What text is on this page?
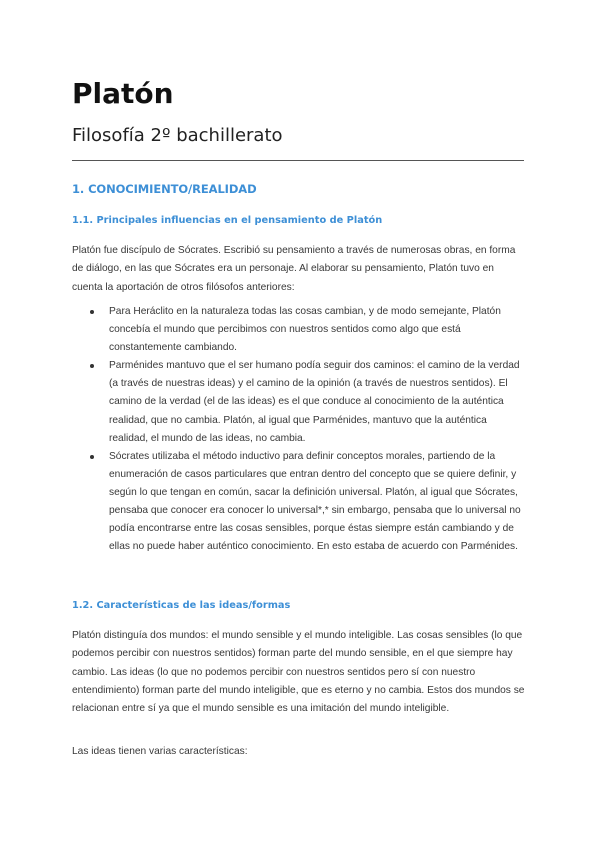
Platón
Filosofía 2º bachillerato
1. CONOCIMIENTO/REALIDAD
1.1. Principales influencias en el pensamiento de Platón

Platón fue discípulo de Sócrates. Escribió su pensamiento a través de numerosas obras, en forma de diálogo, en las que Sócrates era un personaje. Al elaborar su pensamiento, Platón tuvo en cuenta la aportación de otros filósofos anteriores:

Para Heráclito en la naturaleza todas las cosas cambian, y de modo semejante, Platón concebía el mundo que percibimos con nuestros sentidos como algo que está constantemente cambiando.
Parménides mantuvo que el ser humano podía seguir dos caminos: el camino de la verdad (a través de nuestras ideas) y el camino de la opinión (a través de nuestros sentidos). El camino de la verdad (el de las ideas) es el que conduce al conocimiento de la auténtica realidad, que no cambia. Platón, al igual que Parménides, mantuvo que la auténtica realidad, el mundo de las ideas, no cambia.
Sócrates utilizaba el método inductivo para definir conceptos morales, partiendo de la enumeración de casos particulares que entran dentro del concepto que se quiere definir, y según lo que tengan en común, sacar la definición universal. Platón, al igual que Sócrates, pensaba que conocer era conocer lo universal*,* sin embargo, pensaba que lo universal no podía encontrarse entre las cosas sensibles, porque éstas siempre están cambiando y de ellas no puede haber auténtico conocimiento. En esto estaba de acuerdo con Parménides.
1.2. Características de las ideas/formas

Platón distinguía dos mundos: el mundo sensible y el mundo inteligible. Las cosas sensibles (lo que podemos percibir con nuestros sentidos) forman parte del mundo sensible, en el que siempre hay cambio. Las ideas (lo que no podemos percibir con nuestros sentidos pero sí con nuestro entendimiento) forman parte del mundo inteligible, que es eterno y no cambia. Estos dos mundos se relacionan entre sí ya que el mundo sensible es una imitación del mundo inteligible.

Las ideas tienen varias características:
